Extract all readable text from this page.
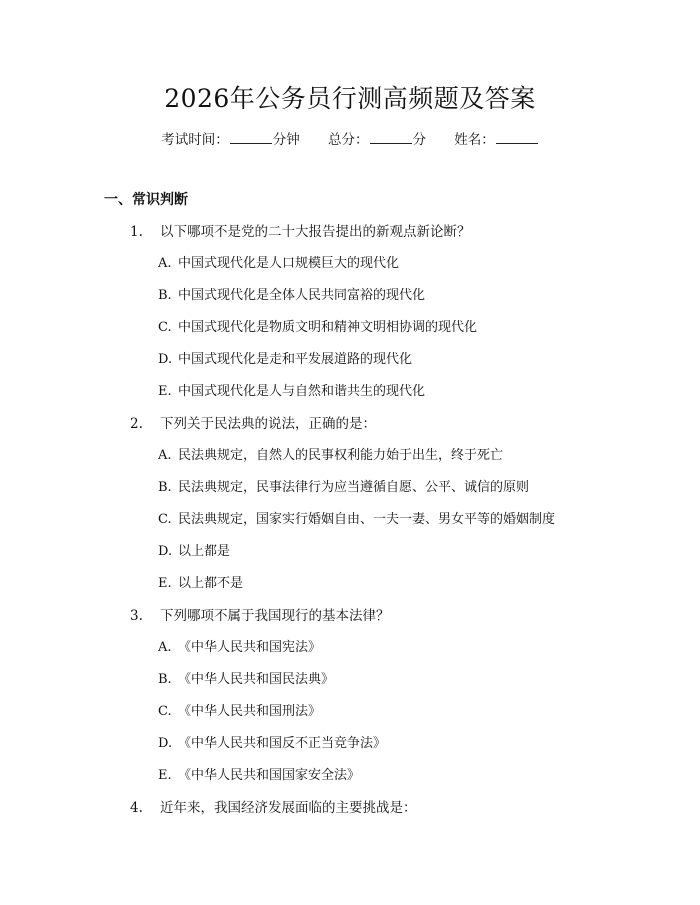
2026年公务员行测高频题及答案
考试时间：	分钟 总分：	分 姓名：
一、常识判断
1. 以下哪项不是党的二十大报告提出的新观点新论断？
A. 中国式现代化是人口规模巨大的现代化
B. 中国式现代化是全体人民共同富裕的现代化
C. 中国式现代化是物质文明和精神文明相协调的现代化
D. 中国式现代化是走和平发展道路的现代化
E. 中国式现代化是人与自然和谐共生的现代化
2. 下列关于民法典的说法，正确的是：
A. 民法典规定，自然人的民事权利能力始于出生，终于死亡
B. 民法典规定，民事法律行为应当遵循自愿、公平、诚信的原则
C. 民法典规定，国家实行婚姻自由、一夫一妻、男女平等的婚姻制度
D. 以上都是
E. 以上都不是
3. 下列哪项不属于我国现行的基本法律？
A. 《中华人民共和国宪法》
B. 《中华人民共和国民法典》
C. 《中华人民共和国刑法》
D. 《中华人民共和国反不正当竞争法》
E. 《中华人民共和国国家安全法》
4. 近年来，我国经济发展面临的主要挑战是：
